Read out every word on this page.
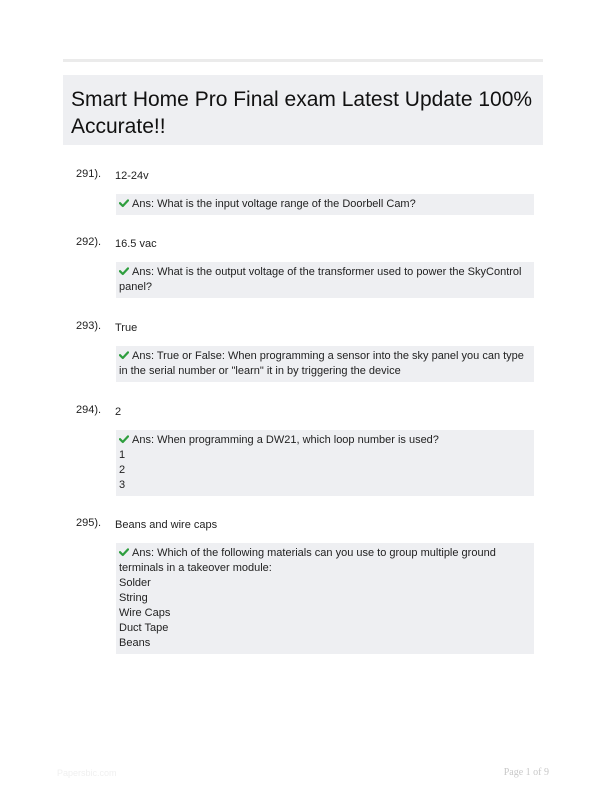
Smart Home Pro Final exam Latest Update 100% Accurate!!
291). 12-24v
Ans: What is the input voltage range of the Doorbell Cam?
292). 16.5 vac
Ans: What is the output voltage of the transformer used to power the SkyControl panel?
293). True
Ans: True or False: When programming a sensor into the sky panel you can type in the serial number or "learn" it in by triggering the device
294). 2
Ans: When programming a DW21, which loop number is used?
1
2
3
295). Beans and wire caps
Ans: Which of the following materials can you use to group multiple ground terminals in a takeover module:
Solder
String
Wire Caps
Duct Tape
Beans
Papersbic.com	Page 1 of 9
